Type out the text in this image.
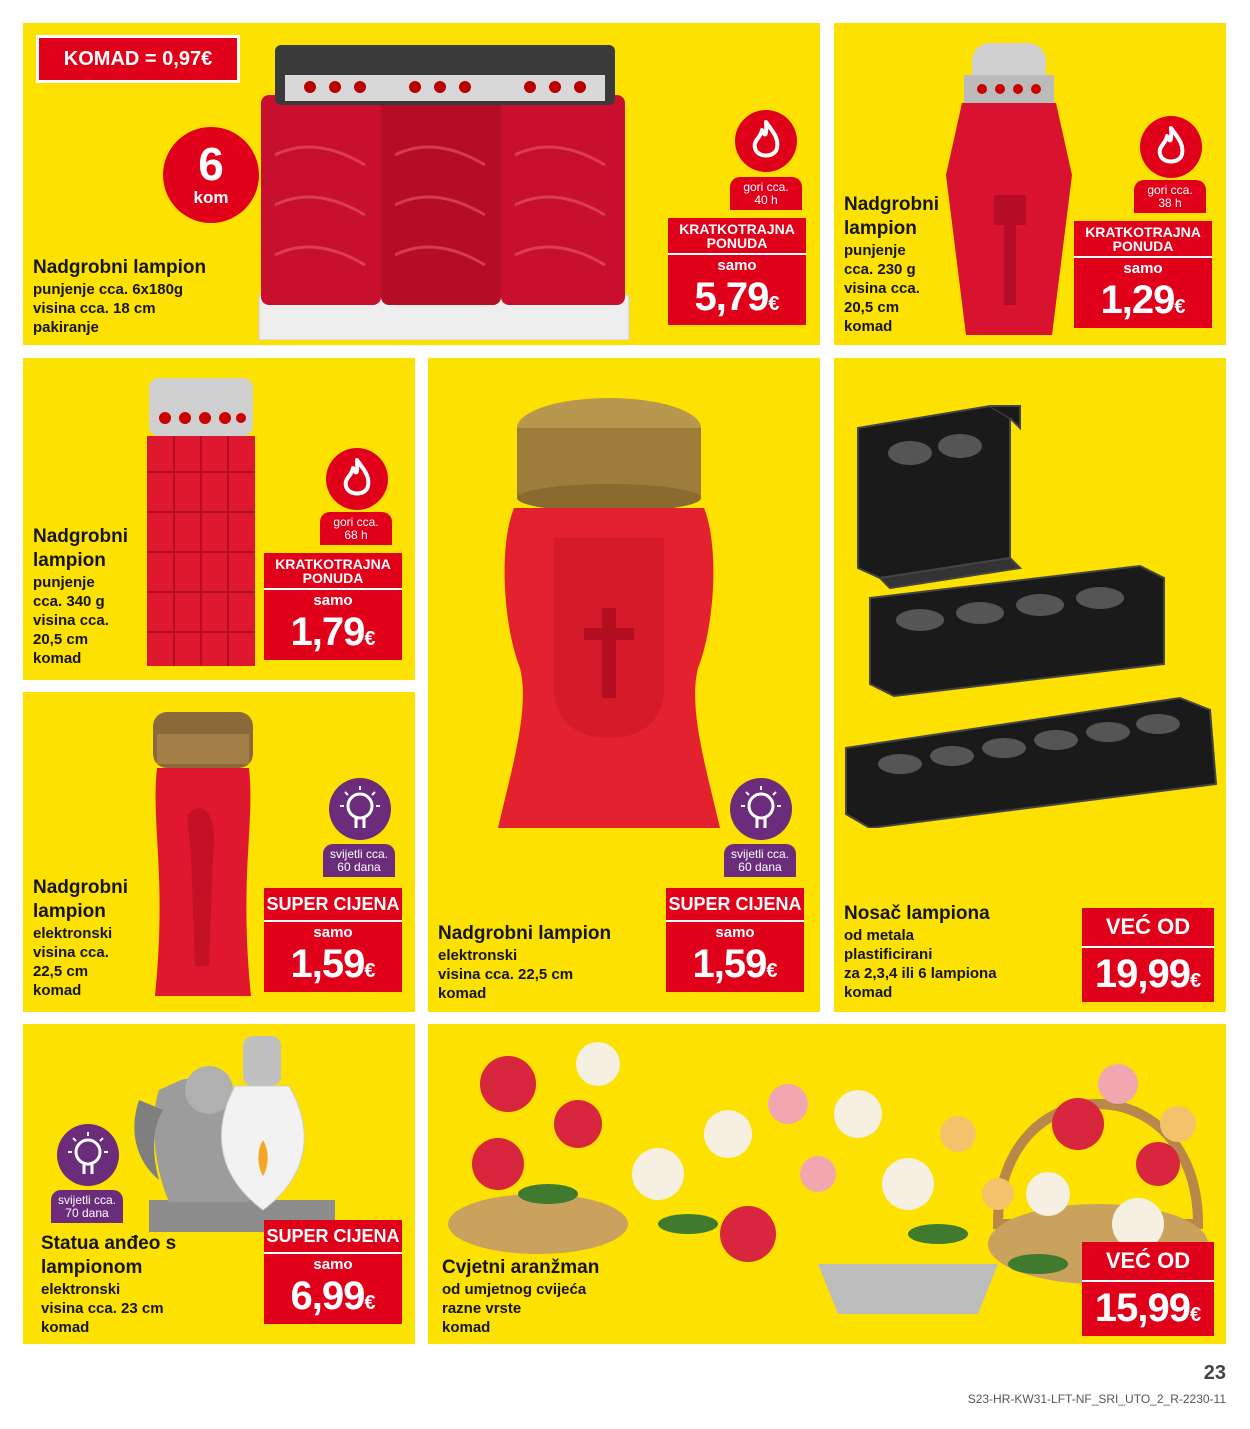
KOMAD = 0,97€
6
kom
Nadgrobni lampion
punjenje cca. 6x180g
visina cca. 18 cm
pakiranje
gori cca.
40 h
KRATKOTRAJNA
PONUDA
samo
5,79€
Nadgrobni lampion
punjenje
cca. 230 g
visina cca.
20,5 cm
komad
gori cca.
38 h
KRATKOTRAJNA
PONUDA
samo
1,29€
Nadgrobni lampion
punjenje
cca. 340 g
visina cca.
20,5 cm
komad
gori cca.
68 h
KRATKOTRAJNA
PONUDA
samo
1,79€
Nadgrobni lampion
elektronski
visina cca.
22,5 cm
komad
svijetli cca.
60 dana
SUPER CIJENA
samo
1,59€
Nadgrobni lampion
elektronski
visina cca. 22,5 cm
komad
svijetli cca.
60 dana
SUPER CIJENA
samo
1,59€
Nosač lampiona
od metala
plastificirani
za 2,3,4 ili 6 lampiona
komad
VEĆ OD
19,99€
svijetli cca.
70 dana
Statua anđeo s lampionom
elektronski
visina cca. 23 cm
komad
SUPER CIJENA
samo
6,99€
Cvjetni aranžman
od umjetnog cvijeća
razne vrste
komad
VEĆ OD
15,99€
23
S23-HR-KW31-LFT-NF_SRI_UTO_2_R-2230-11
